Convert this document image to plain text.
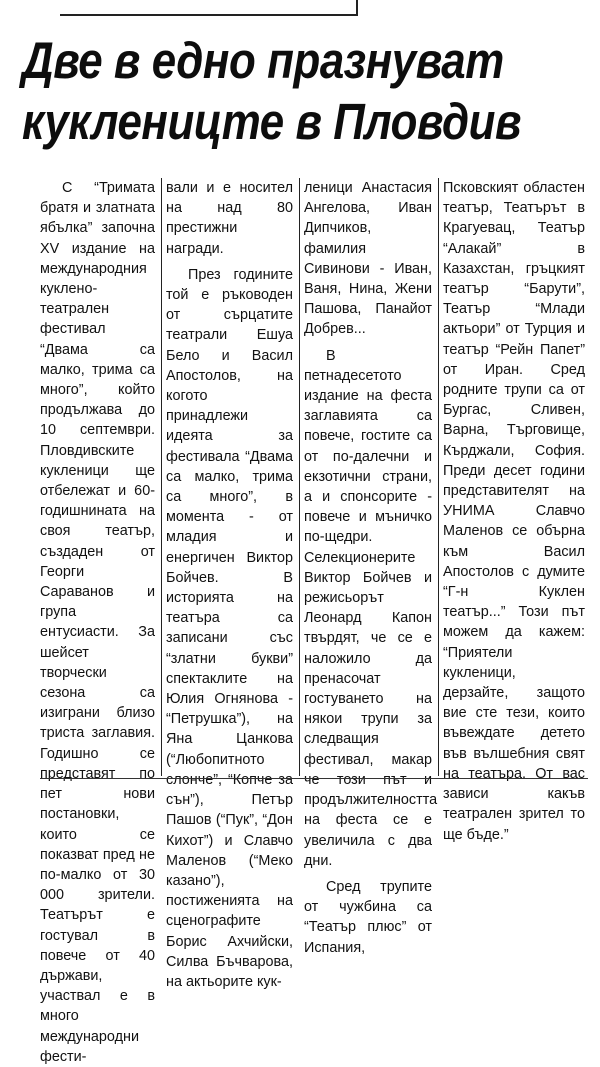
Две в едно празнуват
кукленицте в Пловдив

С “Тримата братя и златната ябълка” започна XV издание на международния куклено-театрален фестивал “Двама са малко, трима са много”, който продължава до 10 септември. Пловдивските кукленици ще отбележат и 60-годишнината на своя театър, създаден от Георги Сараванов и група ентусиасти. За шейсет творчески сезона са изиграни близо триста заглавия. Годишно се представят по пет нови постановки, които се показват пред не по-малко от 30 000 зрители. Театърът е гостувал в повече от 40 държави, участвал е в много международни фести-

вали и е носител на над 80 престижни награди.

През годините той е ръководен от сърцатите театрали Ешуа Бело и Васил Апостолов, на когото принадлежи идеята за фестивала “Двама са малко, трима са много”, в момента - от младия и енергичен Виктор Бойчев. В историята на театъра са записани със “златни букви” спектаклите на Юлия Огнянова - “Петрушка”), на Яна Цанкова (“Любопитното слонче”, “Копче за сън”), Петър Пашов (“Пук”, “Дон Кихот”) и Славчо Маленов (“Меко казано”), постиженията на сценографите Борис Ахчийски, Силва Бъчварова, на актьорите кук-

леници Анастасия Ангелова, Иван Дипчиков, фамилия Сивинови - Иван, Ваня, Нина, Жени Пашова, Панайот Добрев...

В петнадесетото издание на феста заглавията са повече, гостите са от по-далечни и екзотични страни, а и спонсорите - повече и мъничко по-щедри. Селекционерите Виктор Бойчев и режисьорът Леонард Капон твърдят, че се е наложило да пренасочат гостуването на някои трупи за следващия фестивал, макар че този път и продължителността на феста се е увеличила с два дни.

Сред трупите от чужбина са “Театър плюс” от Испания,

Псковският областен театър, Театърът в Крагуевац, Театър “Алакай” в Казахстан, гръцкият театър “Барути”, Театър “Млади актьори” от Турция и театър “Рейн Папет” от Иран. Сред родните трупи са от Бургас, Сливен, Варна, Търговище, Кърджали, София. Преди десет години представителят на УНИМА Славчо Маленов се обърна към Васил Апостолов с думите “Г-н Куклен театър...” Този път можем да кажем: “Приятели кукленици, дерзайте, защото вие сте тези, които въвеждате детето във вълшебния свят на театъра. От вас зависи какъв театрален зрител то ще бъде.”
